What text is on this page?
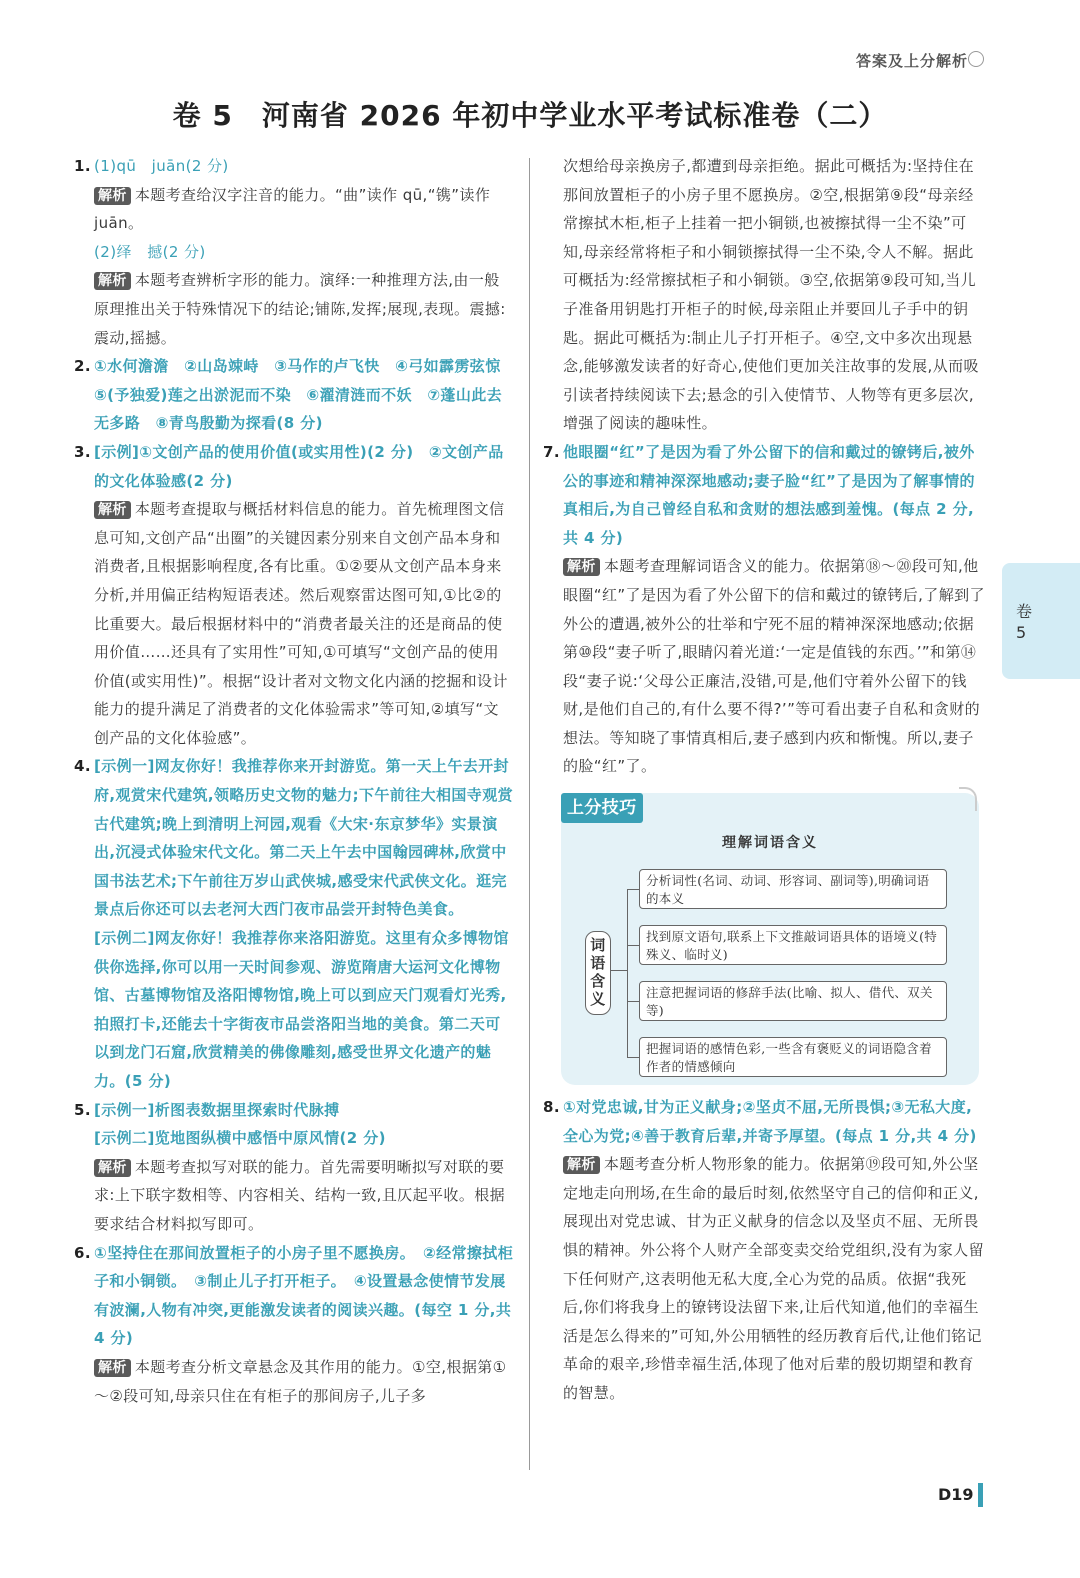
答案及上分解析
卷 5　河南省 2026 年初中学业水平考试标准卷（二）
1. (1)qū　juān(2 分)

解析 本题考查给汉字注音的能力。“曲”读作 qū,“镌”读作 juān。

(2)绎　撼(2 分)

解析 本题考查辨析字形的能力。演绎:一种推理方法,由一般原理推出关于特殊情况下的结论;铺陈,发挥;展现,表现。震撼:震动,摇撼。

2. ①水何澹澹　②山岛竦峙　③马作的卢飞快　④弓如霹雳弦惊　⑤(予独爱)莲之出淤泥而不染　⑥濯清涟而不妖　⑦蓬山此去无多路　⑧青鸟殷勤为探看(8 分)

3. [示例]①文创产品的使用价值(或实用性)(2 分)　②文创产品的文化体验感(2 分)

解析 本题考查提取与概括材料信息的能力。首先梳理图文信息可知,文创产品“出圈”的关键因素分别来自文创产品本身和消费者,且根据影响程度,各有比重。①②要从文创产品本身来分析,并用偏正结构短语表述。然后观察雷达图可知,①比②的比重要大。最后根据材料中的“消费者最关注的还是商品的使用价值……还具有了实用性”可知,①可填写“文创产品的使用价值(或实用性)”。根据“设计者对文物文化内涵的挖掘和设计能力的提升满足了消费者的文化体验需求”等可知,②填写“文创产品的文化体验感”。

4. [示例一]网友你好！我推荐你来开封游览。第一天上午去开封府,观赏宋代建筑,领略历史文物的魅力;下午前往大相国寺观赏古代建筑;晚上到清明上河园,观看《大宋·东京梦华》实景演出,沉浸式体验宋代文化。第二天上午去中国翰园碑林,欣赏中国书法艺术;下午前往万岁山武侠城,感受宋代武侠文化。逛完景点后你还可以去老河大西门夜市品尝开封特色美食。

[示例二]网友你好！我推荐你来洛阳游览。这里有众多博物馆供你选择,你可以用一天时间参观、游览隋唐大运河文化博物馆、古墓博物馆及洛阳博物馆,晚上可以到应天门观看灯光秀,拍照打卡,还能去十字街夜市品尝洛阳当地的美食。第二天可以到龙门石窟,欣赏精美的佛像雕刻,感受世界文化遗产的魅力。(5 分)

5. [示例一]析图表数据里探索时代脉搏

[示例二]览地图纵横中感悟中原风情(2 分)

解析 本题考查拟写对联的能力。首先需要明晰拟写对联的要求:上下联字数相等、内容相关、结构一致,且仄起平收。根据要求结合材料拟写即可。

6. ①坚持住在那间放置柜子的小房子里不愿换房。　②经常擦拭柜子和小铜锁。　③制止儿子打开柜子。　④设置悬念使情节发展有波澜,人物有冲突,更能激发读者的阅读兴趣。(每空 1 分,共 4 分)

解析 本题考查分析文章悬念及其作用的能力。①空,根据第①～②段可知,母亲只住在有柜子的那间房子,儿子多

次想给母亲换房子,都遭到母亲拒绝。据此可概括为:坚持住在那间放置柜子的小房子里不愿换房。②空,根据第⑨段“母亲经常擦拭木柜,柜子上挂着一把小铜锁,也被擦拭得一尘不染”可知,母亲经常将柜子和小铜锁擦拭得一尘不染,令人不解。据此可概括为:经常擦拭柜子和小铜锁。③空,依据第⑨段可知,当儿子准备用钥匙打开柜子的时候,母亲阻止并要回儿子手中的钥匙。据此可概括为:制止儿子打开柜子。④空,文中多次出现悬念,能够激发读者的好奇心,使他们更加关注故事的发展,从而吸引读者持续阅读下去;悬念的引入使情节、人物等有更多层次,增强了阅读的趣味性。

7. 他眼圈“红”了是因为看了外公留下的信和戴过的镣铐后,被外公的事迹和精神深深地感动;妻子脸“红”了是因为了解事情的真相后,为自己曾经自私和贪财的想法感到羞愧。(每点 2 分,共 4 分)

解析 本题考查理解词语含义的能力。依据第⑱～⑳段可知,他眼圈“红”了是因为看了外公留下的信和戴过的镣铐后,了解到了外公的遭遇,被外公的壮举和宁死不屈的精神深深地感动;依据第⑩段“妻子听了,眼睛闪着光道:‘一定是值钱的东西。’”和第⑭段“妻子说:‘父母公正廉洁,没错,可是,他们守着外公留下的钱财,是他们自己的,有什么要不得?’”等可看出妻子自私和贪财的想法。等知晓了事情真相后,妻子感到内疚和惭愧。所以,妻子的脸“红”了。

上分技巧
理解词语含义
词语含义
分析词性(名词、动词、形容词、副词等),明确词语的本义
找到原文语句,联系上下文推敲词语具体的语境义(特殊义、临时义)
注意把握词语的修辞手法(比喻、拟人、借代、双关等)
把握词语的感情色彩,一些含有褒贬义的词语隐含着作者的情感倾向
8. ①对党忠诚,甘为正义献身;②坚贞不屈,无所畏惧;③无私大度,全心为党;④善于教育后辈,并寄予厚望。(每点 1 分,共 4 分)

解析 本题考查分析人物形象的能力。依据第⑲段可知,外公坚定地走向刑场,在生命的最后时刻,依然坚守自己的信仰和正义,展现出对党忠诚、甘为正义献身的信念以及坚贞不屈、无所畏惧的精神。外公将个人财产全部变卖交给党组织,没有为家人留下任何财产,这表明他无私大度,全心为党的品质。依据“我死后,你们将我身上的镣铐设法留下来,让后代知道,他们的幸福生活是怎么得来的”可知,外公用牺牲的经历教育后代,让他们铭记革命的艰辛,珍惜幸福生活,体现了他对后辈的殷切期望和教育的智慧。

卷
5
D19
